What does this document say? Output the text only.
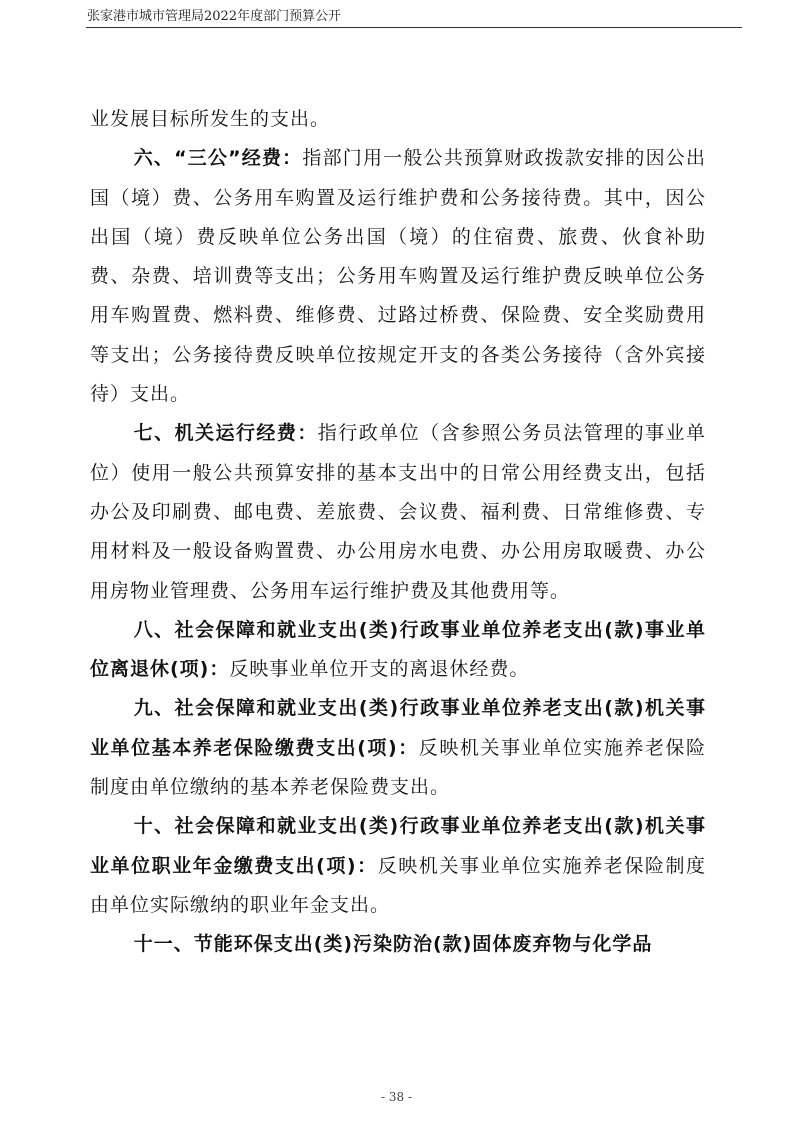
张家港市城市管理局2022年度部门预算公开

业发展目标所发生的支出。

六、“三公”经费：指部门用一般公共预算财政拨款安排的因公出国（境）费、公务用车购置及运行维护费和公务接待费。其中，因公出国（境）费反映单位公务出国（境）的住宿费、旅费、伙食补助费、杂费、培训费等支出；公务用车购置及运行维护费反映单位公务用车购置费、燃料费、维修费、过路过桥费、保险费、安全奖励费用等支出；公务接待费反映单位按规定开支的各类公务接待（含外宾接待）支出。

七、机关运行经费：指行政单位（含参照公务员法管理的事业单位）使用一般公共预算安排的基本支出中的日常公用经费支出，包括办公及印刷费、邮电费、差旅费、会议费、福利费、日常维修费、专用材料及一般设备购置费、办公用房水电费、办公用房取暖费、办公用房物业管理费、公务用车运行维护费及其他费用等。

八、社会保障和就业支出(类)行政事业单位养老支出(款)事业单位离退休(项)：反映事业单位开支的离退休经费。

九、社会保障和就业支出(类)行政事业单位养老支出(款)机关事业单位基本养老保险缴费支出(项)：反映机关事业单位实施养老保险制度由单位缴纳的基本养老保险费支出。

十、社会保障和就业支出(类)行政事业单位养老支出(款)机关事业单位职业年金缴费支出(项)：反映机关事业单位实施养老保险制度由单位实际缴纳的职业年金支出。

十一、节能环保支出(类)污染防治(款)固体废弃物与化学品

- 38 -
